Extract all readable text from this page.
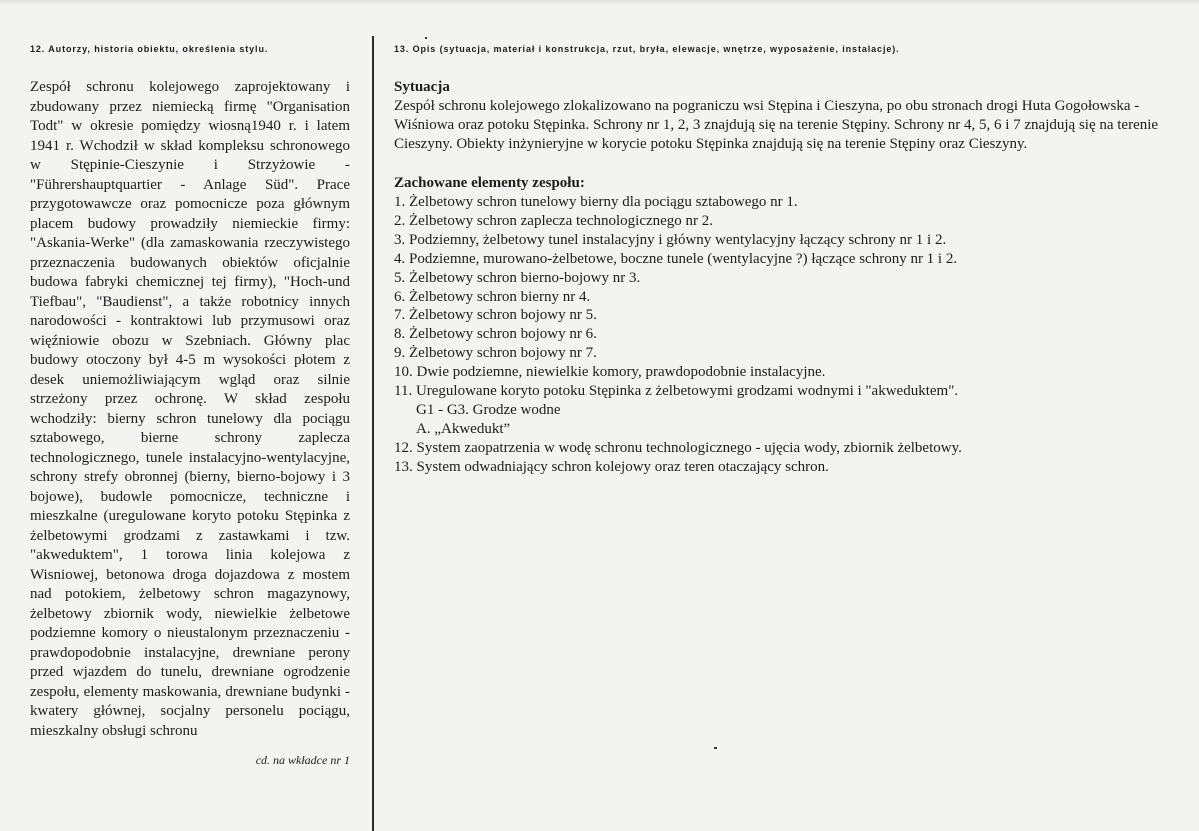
12. Autorzy, historia obiektu, określenia stylu.

Zespół schronu kolejowego zaprojektowany i zbudowany przez niemiecką firmę "Organisation Todt" w okresie pomiędzy wiosną1940 r. i latem 1941 r. Wchodził w skład kompleksu schronowego w Stępinie-Cieszynie i Strzyżowie - "Führershauptquartier - Anlage Süd". Prace przygotowawcze oraz pomocnicze poza głównym placem budowy prowadziły niemieckie firmy: "Askania-Werke" (dla zamaskowania rzeczywistego przeznaczenia budowanych obiektów oficjalnie budowa fabryki chemicznej tej firmy), "Hoch-und Tiefbau", "Baudienst", a także robotnicy innych narodowości - kontraktowi lub przymusowi oraz więźniowie obozu w Szebniach. Główny plac budowy otoczony był 4-5 m wysokości płotem z desek uniemożliwiającym wgląd oraz silnie strzeżony przez ochronę. W skład zespołu wchodziły: bierny schron tunelowy dla pociągu sztabowego, bierne schrony zaplecza technologicznego, tunele instalacyjno-wentylacyjne, schrony strefy obronnej (bierny, bierno-bojowy i 3 bojowe), budowle pomocnicze, techniczne i mieszkalne (uregulowane koryto potoku Stępinka z żelbetowymi grodzami z zastawkami i tzw. "akweduktem", 1 torowa linia kolejowa z Wisniowej, betonowa droga dojazdowa z mostem nad potokiem, żelbetowy schron magazynowy, żelbetowy zbiornik wody, niewielkie żelbetowe podziemne komory o nieustalonym przeznaczeniu - prawdopodobnie instalacyjne, drewniane perony przed wjazdem do tunelu, drewniane ogrodzenie zespołu, elementy maskowania, drewniane budynki - kwatery głównej, socjalny personelu pociągu, mieszkalny obsługi schronu

cd. na wkładce nr 1

13. Opis (sytuacja, materiał i konstrukcja, rzut, bryła, elewacje, wnętrze, wyposażenie, instalacje).

Sytuacja

Zespół schronu kolejowego zlokalizowano na pograniczu wsi Stępina i Cieszyna, po obu stronach drogi Huta Gogołowska - Wiśniowa oraz potoku Stępinka. Schrony nr 1, 2, 3 znajdują się na terenie Stępiny. Schrony nr 4, 5, 6 i 7 znajdują się na terenie Cieszyny. Obiekty inżynieryjne w korycie potoku Stępinka znajdują się na terenie Stępiny oraz Cieszyny.

Zachowane elementy zespołu:

1. Żelbetowy schron tunelowy bierny dla pociągu sztabowego nr 1.
2. Żelbetowy schron zaplecza technologicznego nr 2.
3. Podziemny, żelbetowy tunel instalacyjny i główny wentylacyjny łączący schrony nr 1 i 2.
4. Podziemne, murowano-żelbetowe, boczne tunele (wentylacyjne ?) łączące schrony nr 1 i 2.
5. Żelbetowy schron bierno-bojowy nr 3.
6. Żelbetowy schron bierny nr 4.
7. Żelbetowy schron bojowy nr 5.
8. Żelbetowy schron bojowy nr 6.
9. Żelbetowy schron bojowy nr 7.
10. Dwie podziemne, niewielkie komory, prawdopodobnie instalacyjne.
11. Uregulowane koryto potoku Stępinka z żelbetowymi grodzami wodnymi i "akweduktem".
G1 - G3. Grodze wodne
A. „Akwedukt”
12. System zaopatrzenia w wodę schronu technologicznego - ujęcia wody, zbiornik żelbetowy.
13. System odwadniający schron kolejowy oraz teren otaczający schron.
